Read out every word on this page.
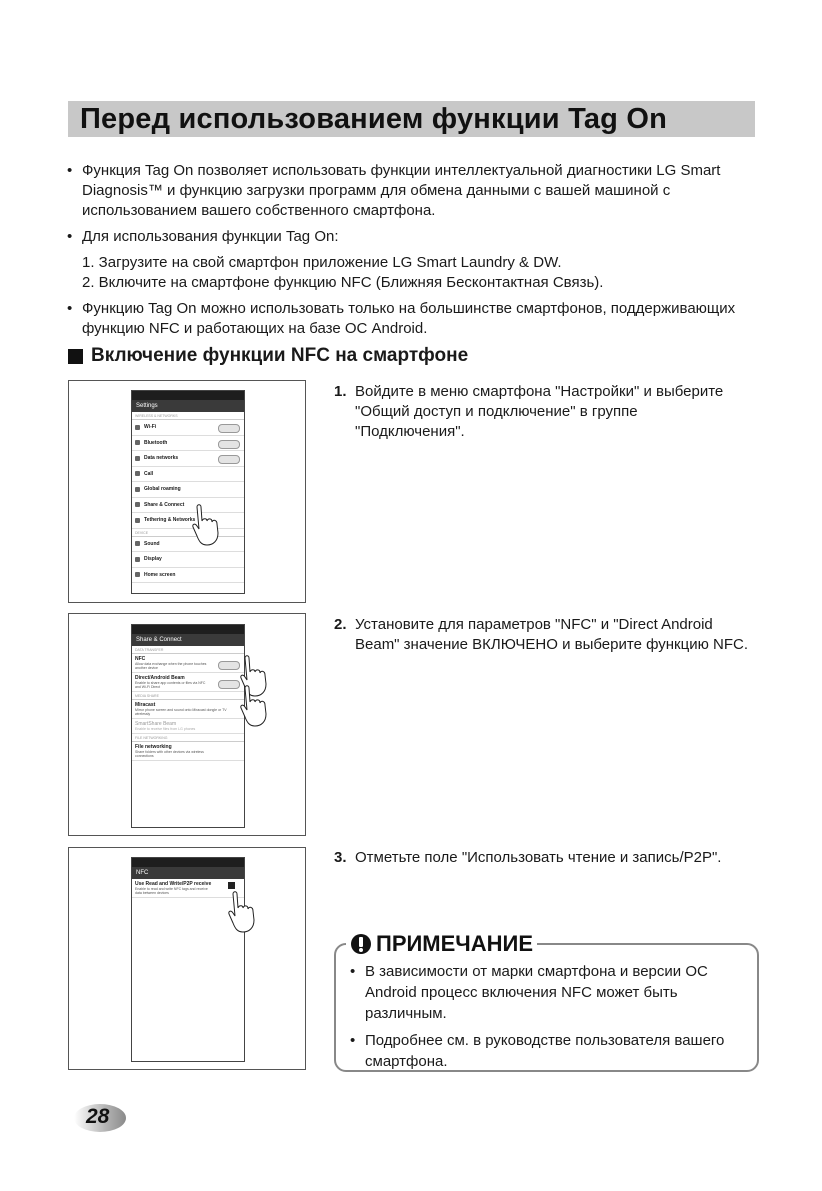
Перед использованием функции Tag On
• Функция Tag On позволяет использовать функции интеллектуальной диагностики LG Smart Diagnosis™ и функцию загрузки программ для обмена данными с вашей машиной с использованием вашего собственного смартфона.
• Для использования функции Tag On:
1. Загрузите на свой смартфон приложение LG Smart Laundry & DW.
2. Включите на смартфоне функцию NFC (Ближняя Бесконтактная Связь).
• Функцию Tag On можно использовать только на большинстве смартфонов, поддерживающих функцию NFC и работающих на базе ОС Android.
Включение функции NFC на смартфоне
Settings
WIRELESS & NETWORKS
Wi-Fi
Bluetooth
Data networks
Call
Global roaming
Share & Connect
Tethering & Networks
DEVICE
Sound
Display
Home screen
Share & Connect
DATA TRANSFER
NFC
Allow data exchange when the phone touches another device
Direct/Android Beam
Enable to share app contents or files via NFC and Wi-Fi Direct
MEDIA SHARE
Miracast
Mirror phone screen and sound onto Miracast dongle or TV wirelessly
SmartShare Beam
Enable to receive files from LG phones
FILE NETWORKING
File networking
Share folders with other devices via wireless connections
NFC
Use Read and Write/P2P receive
Enable to read and write NFC tags and receive data between devices
1. Войдите в меню смартфона "Настройки" и выберите "Общий доступ и подключение" в группе "Подключения".
2. Установите для параметров "NFC" и "Direct Android Beam" значение ВКЛЮЧЕНО и выберите функцию NFC.
3. Отметьте поле "Использовать чтение и запись/P2P".
ПРИМЕЧАНИЕ
• В зависимости от марки смартфона и версии ОС Android процесс включения NFC может быть различным.
• Подробнее см. в руководстве пользователя вашего смартфона.
28
